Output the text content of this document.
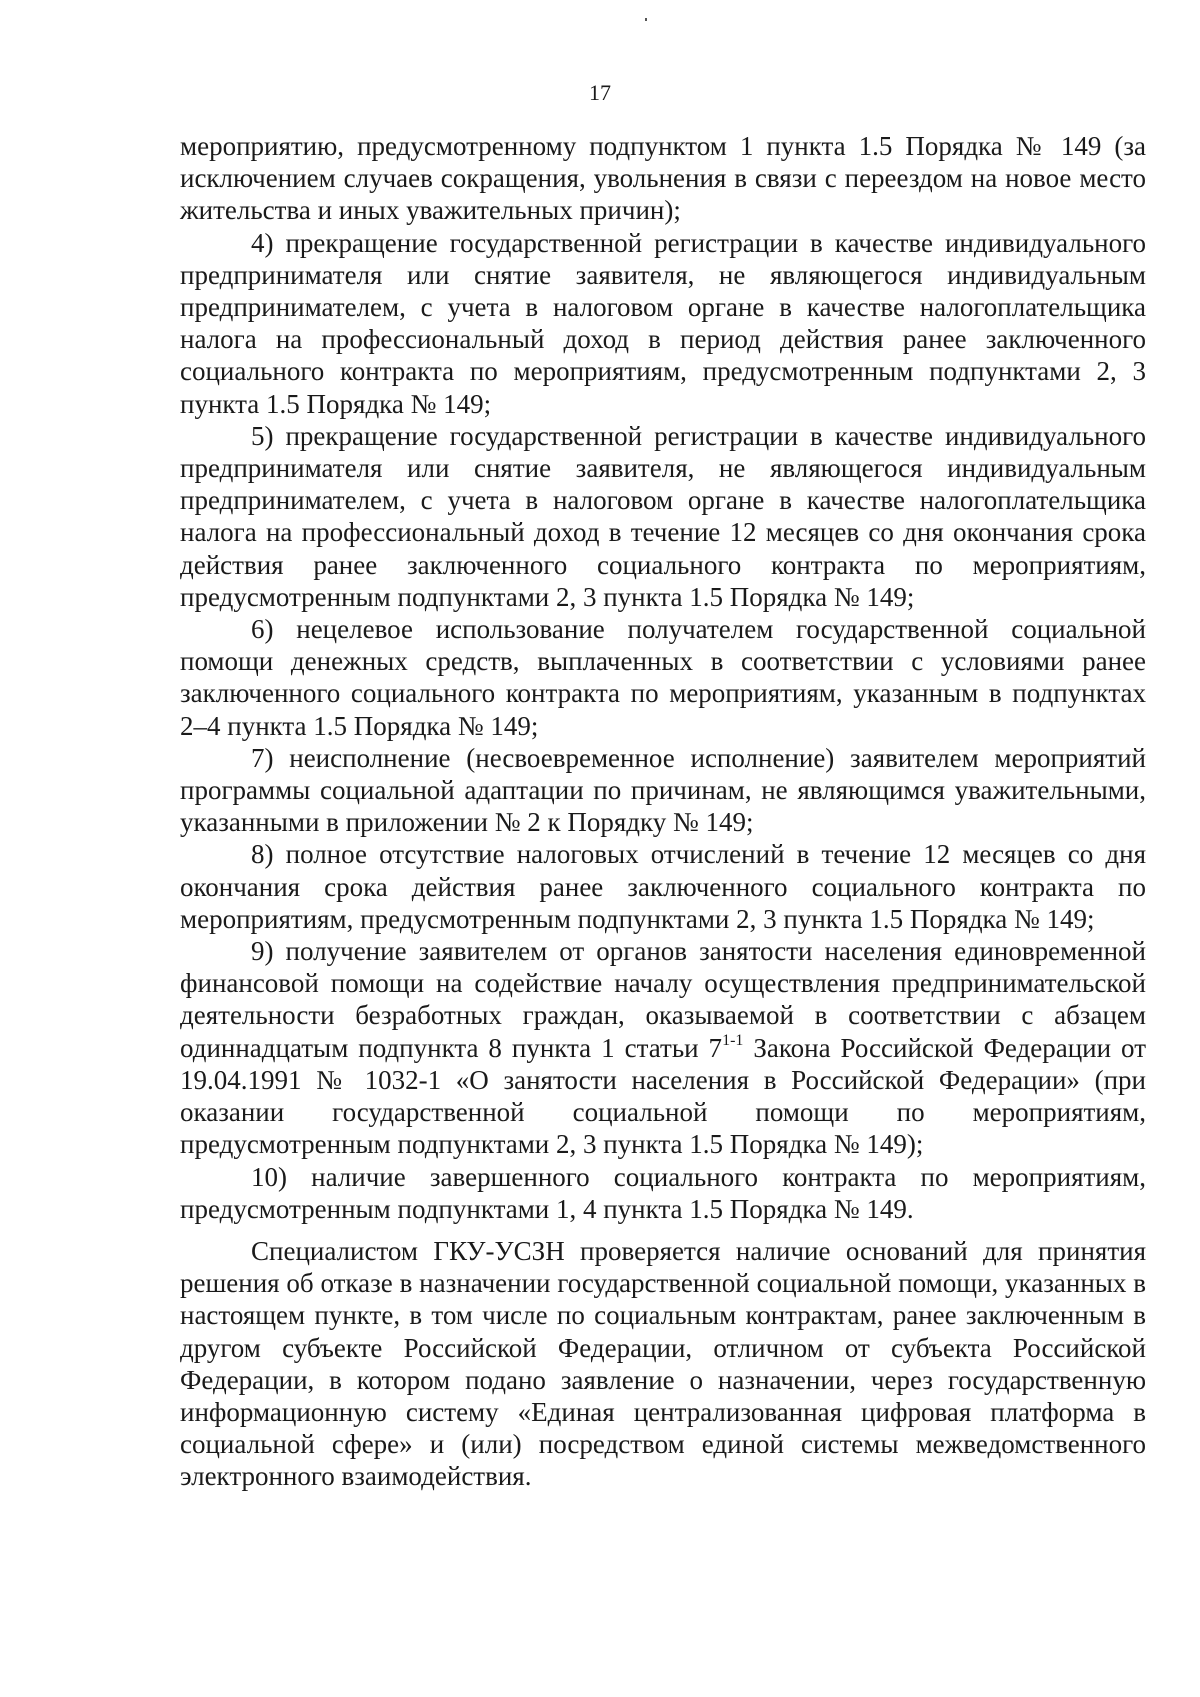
17

мероприятию, предусмотренному подпунктом 1 пункта 1.5 Порядка № 149 (за исключением случаев сокращения, увольнения в связи с переездом на новое место жительства и иных уважительных причин);

4) прекращение государственной регистрации в качестве индивидуального предпринимателя или снятие заявителя, не являющегося индивидуальным предпринимателем, с учета в налоговом органе в качестве налогоплательщика налога на профессиональный доход в период действия ранее заключенного социального контракта по мероприятиям, предусмотренным подпунктами 2, 3 пункта 1.5 Порядка № 149;

5) прекращение государственной регистрации в качестве индивидуального предпринимателя или снятие заявителя, не являющегося индивидуальным предпринимателем, с учета в налоговом органе в качестве налогоплательщика налога на профессиональный доход в течение 12 месяцев со дня окончания срока действия ранее заключенного социального контракта по мероприятиям, предусмотренным подпунктами 2, 3 пункта 1.5 Порядка № 149;

6) нецелевое использование получателем государственной социальной помощи денежных средств, выплаченных в соответствии с условиями ранее заключенного социального контракта по мероприятиям, указанным в подпунктах 2–4 пункта 1.5 Порядка № 149;

7) неисполнение (несвоевременное исполнение) заявителем мероприятий программы социальной адаптации по причинам, не являющимся уважительными, указанными в приложении № 2 к Порядку № 149;

8) полное отсутствие налоговых отчислений в течение 12 месяцев со дня окончания срока действия ранее заключенного социального контракта по мероприятиям, предусмотренным подпунктами 2, 3 пункта 1.5 Порядка № 149;

9) получение заявителем от органов занятости населения единовременной финансовой помощи на содействие началу осуществления предпринимательской деятельности безработных граждан, оказываемой в соответствии с абзацем одиннадцатым подпункта 8 пункта 1 статьи 7$^{1-1}$ Закона Российской Федерации от 19.04.1991 № 1032-1 «О занятости населения в Российской Федерации» (при оказании государственной социальной помощи по мероприятиям, предусмотренным подпунктами 2, 3 пункта 1.5 Порядка № 149);

10) наличие завершенного социального контракта по мероприятиям, предусмотренным подпунктами 1, 4 пункта 1.5 Порядка № 149.

Специалистом ГКУ-УСЗН проверяется наличие оснований для принятия решения об отказе в назначении государственной социальной помощи, указанных в настоящем пункте, в том числе по социальным контрактам, ранее заключенным в другом субъекте Российской Федерации, отличном от субъекта Российской Федерации, в котором подано заявление о назначении, через государственную информационную систему «Единая централизованная цифровая платформа в социальной сфере» и (или) посредством единой системы межведомственного электронного взаимодействия.
